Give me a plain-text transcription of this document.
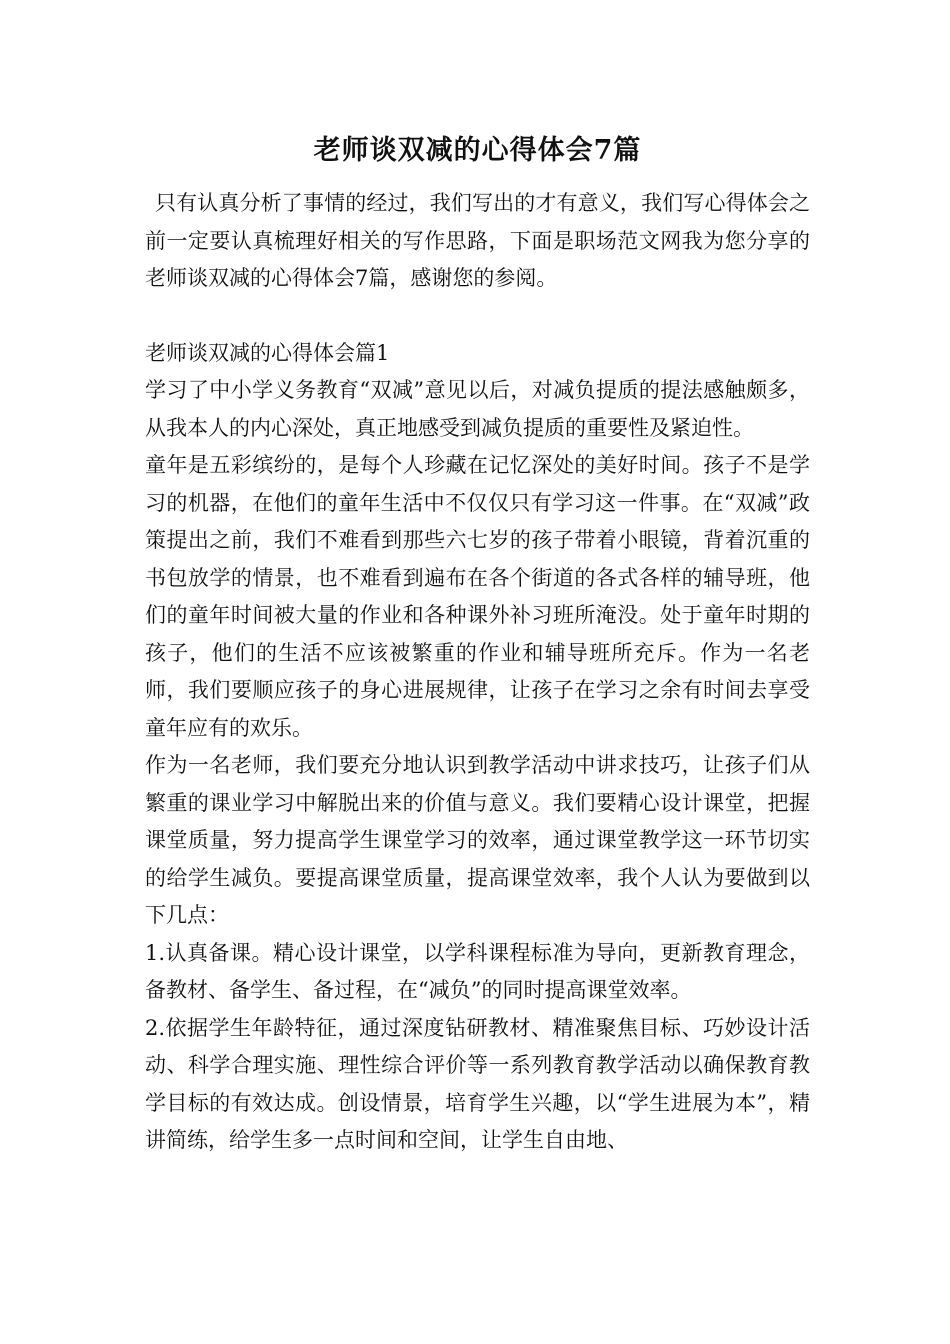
老师谈双减的心得体会7篇

只有认真分析了事情的经过，我们写出的才有意义，我们写心得体会之前一定要认真梳理好相关的写作思路，下面是职场范文网我为您分享的老师谈双减的心得体会7篇，感谢您的参阅。

老师谈双减的心得体会篇1

学习了中小学义务教育“双减”意见以后，对减负提质的提法感触颇多，从我本人的内心深处，真正地感受到减负提质的重要性及紧迫性。

童年是五彩缤纷的，是每个人珍藏在记忆深处的美好时间。孩子不是学习的机器，在他们的童年生活中不仅仅只有学习这一件事。在“双减”政策提出之前，我们不难看到那些六七岁的孩子带着小眼镜，背着沉重的书包放学的情景，也不难看到遍布在各个街道的各式各样的辅导班，他们的童年时间被大量的作业和各种课外补习班所淹没。处于童年时期的孩子，他们的生活不应该被繁重的作业和辅导班所充斥。作为一名老师，我们要顺应孩子的身心进展规律，让孩子在学习之余有时间去享受童年应有的欢乐。

作为一名老师，我们要充分地认识到教学活动中讲求技巧，让孩子们从繁重的课业学习中解脱出来的价值与意义。我们要精心设计课堂，把握课堂质量，努力提高学生课堂学习的效率，通过课堂教学这一环节切实的给学生减负。要提高课堂质量，提高课堂效率，我个人认为要做到以下几点：

1.认真备课。精心设计课堂，以学科课程标准为导向，更新教育理念，备教材、备学生、备过程，在“减负”的同时提高课堂效率。

2.依据学生年龄特征，通过深度钻研教材、精准聚焦目标、巧妙设计活动、科学合理实施、理性综合评价等一系列教育教学活动以确保教育教学目标的有效达成。创设情景，培育学生兴趣，以“学生进展为本”，精讲简练，给学生多一点时间和空间，让学生自由地、
